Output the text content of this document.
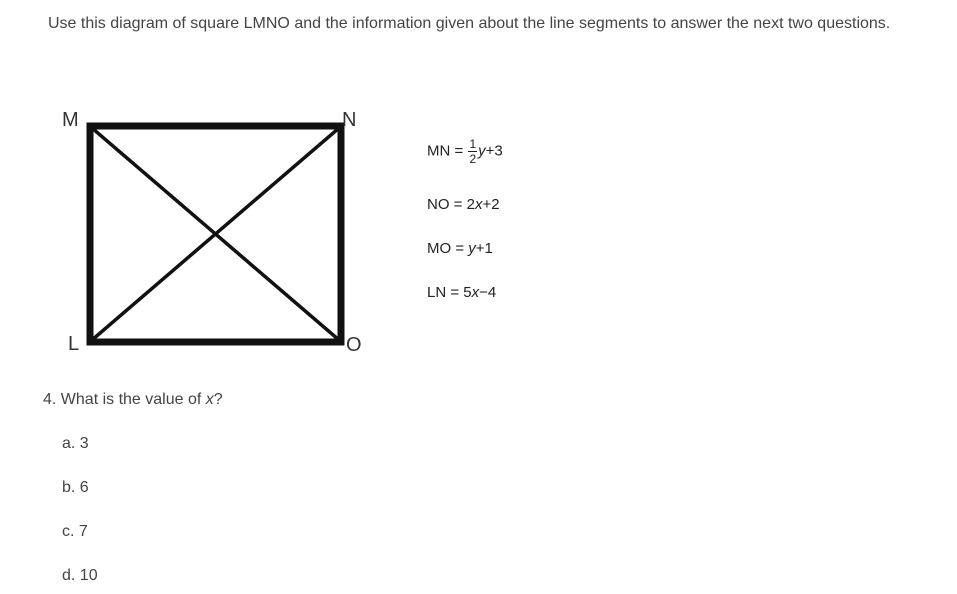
Use this diagram of square LMNO and the information given about the line segments to answer the next two questions.
M	N
L	O
MN = $\frac{1}{2} y+3$
NO = 2x+2
MO = y+1
LN = 5x−4
4. What is the value of x?
a. 3
b. 6
c. 7
d. 10
